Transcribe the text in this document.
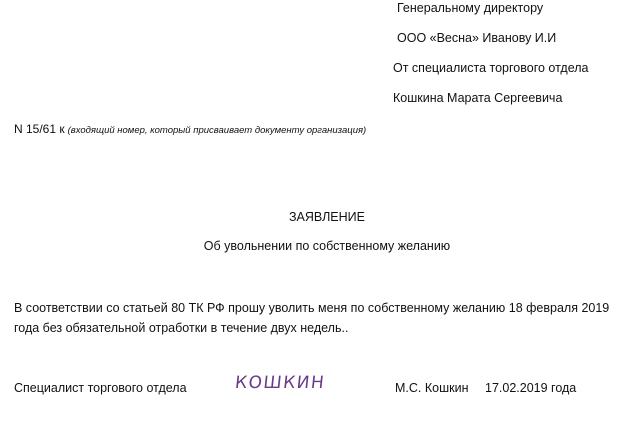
Генеральному директору
ООО «Весна» Иванову И.И
От специалиста торгового отдела
Кошкина Марата Сергеевича
N 15/61 к (входящий номер, который присваивает документу организация)
ЗАЯВЛЕНИЕ
Об увольнении по собственному желанию
В соответствии со статьей 80 ТК РФ прошу уволить меня по собственному желанию 18 февраля 2019 года без обязательной отработки в течение двух недель..
Специалист торгового отдела	КОШКИН	М.С. Кошкин 17.02.2019 года
